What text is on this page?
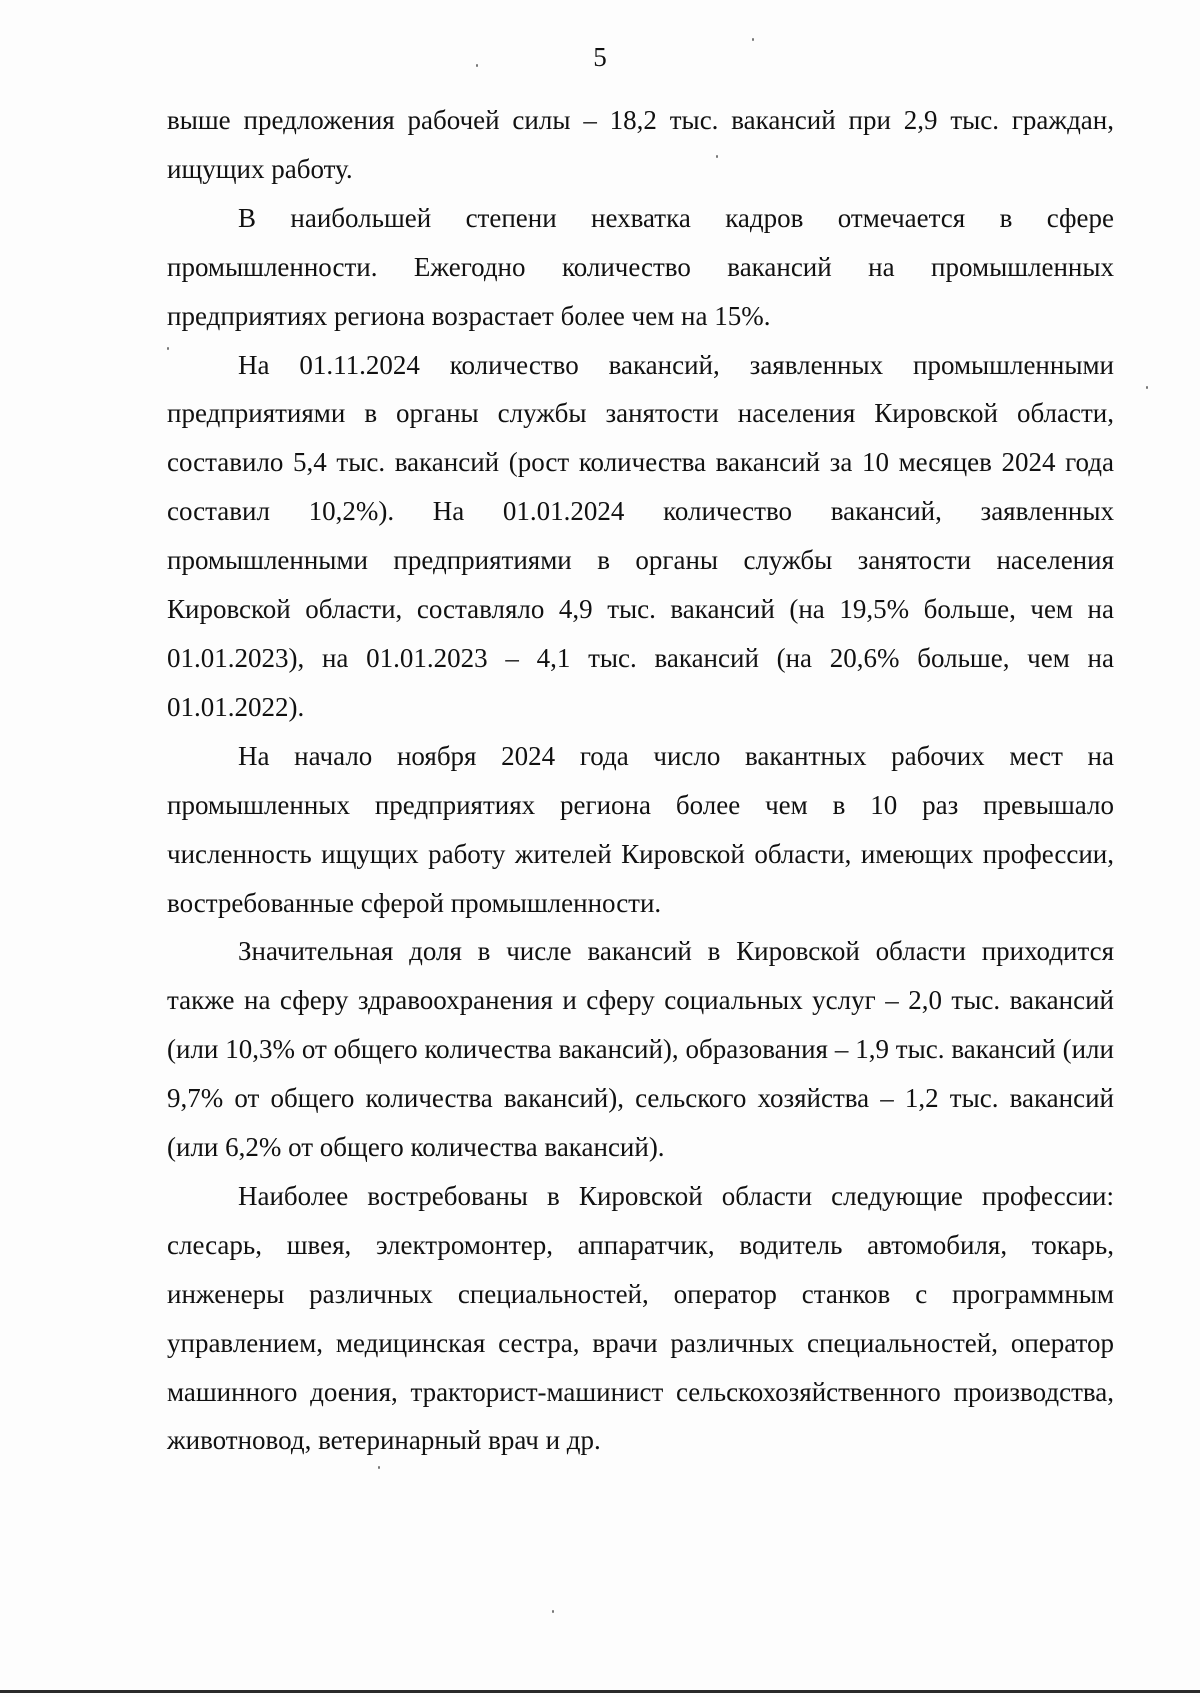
5

выше предложения рабочей силы – 18,2 тыс. вакансий при 2,9 тыс. граждан, ищущих работу.

В наибольшей степени нехватка кадров отмечается в сфере промышленности. Ежегодно количество вакансий на промышленных предприятиях региона возрастает более чем на 15%.

На 01.11.2024 количество вакансий, заявленных промышленными предприятиями в органы службы занятости населения Кировской области, составило 5,4 тыс. вакансий (рост количества вакансий за 10 месяцев 2024 года составил 10,2%). На 01.01.2024 количество вакансий, заявленных промышленными предприятиями в органы службы занятости населения Кировской области, составляло 4,9 тыс. вакансий (на 19,5% больше, чем на 01.01.2023), на 01.01.2023 – 4,1 тыс. вакансий (на 20,6% больше, чем на 01.01.2022).

На начало ноября 2024 года число вакантных рабочих мест на промышленных предприятиях региона более чем в 10 раз превышало численность ищущих работу жителей Кировской области, имеющих профессии, востребованные сферой промышленности.

Значительная доля в числе вакансий в Кировской области приходится также на сферу здравоохранения и сферу социальных услуг – 2,0 тыс. вакансий (или 10,3% от общего количества вакансий), образования – 1,9 тыс. вакансий (или 9,7% от общего количества вакансий), сельского хозяйства – 1,2 тыс. вакансий (или 6,2% от общего количества вакансий).

Наиболее востребованы в Кировской области следующие профессии: слесарь, швея, электромонтер, аппаратчик, водитель автомобиля, токарь, инженеры различных специальностей, оператор станков с программным управлением, медицинская сестра, врачи различных специальностей, оператор машинного доения, тракторист-машинист сельскохозяйственного производства, животновод, ветеринарный врач и др.
